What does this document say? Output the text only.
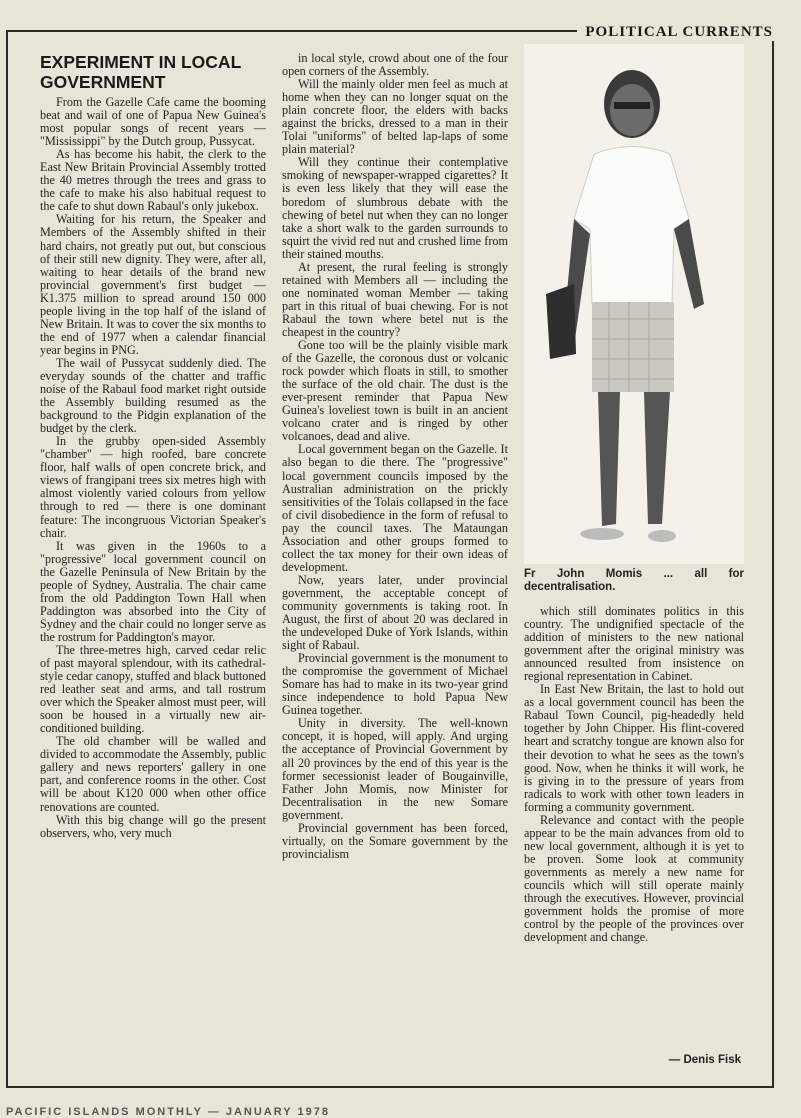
POLITICAL CURRENTS
EXPERIMENT IN LOCAL GOVERNMENT

From the Gazelle Cafe came the booming beat and wail of one of Papua New Guinea's most popular songs of recent years — "Mississippi" by the Dutch group, Pussycat.

As has become his habit, the clerk to the East New Britain Provincial Assembly trotted the 40 metres through the trees and grass to the cafe to make his also habitual request to the cafe to shut down Rabaul's only jukebox.

Waiting for his return, the Speaker and Members of the Assembly shifted in their hard chairs, not greatly put out, but conscious of their still new dignity. They were, after all, waiting to hear details of the brand new provincial government's first budget — K1.375 million to spread around 150 000 people living in the top half of the island of New Britain. It was to cover the six months to the end of 1977 when a calendar financial year begins in PNG.

The wail of Pussycat suddenly died. The everyday sounds of the chatter and traffic noise of the Rabaul food market right outside the Assembly building resumed as the background to the Pidgin explanation of the budget by the clerk.

In the grubby open-sided Assembly "chamber" — high roofed, bare concrete floor, half walls of open concrete brick, and views of frangipani trees six metres high with almost violently varied colours from yellow through to red — there is one dominant feature: The incongruous Victorian Speaker's chair.

It was given in the 1960s to a "progressive" local government council on the Gazelle Peninsula of New Britain by the people of Sydney, Australia. The chair came from the old Paddington Town Hall when Paddington was absorbed into the City of Sydney and the chair could no longer serve as the rostrum for Paddington's mayor.

The three-metres high, carved cedar relic of past mayoral splendour, with its cathedral-style cedar canopy, stuffed and black buttoned red leather seat and arms, and tall rostrum over which the Speaker almost must peer, will soon be housed in a virtually new air-conditioned building.

The old chamber will be walled and divided to accommodate the Assembly, public gallery and news reporters' gallery in one part, and conference rooms in the other. Cost will be about K120 000 when other office renovations are counted.

With this big change will go the present observers, who, very much

in local style, crowd about one of the four open corners of the Assembly.

Will the mainly older men feel as much at home when they can no longer squat on the plain concrete floor, the elders with backs against the bricks, dressed to a man in their Tolai "uniforms" of belted lap-laps of some plain material?

Will they continue their contemplative smoking of newspaper-wrapped cigarettes? It is even less likely that they will ease the boredom of slumbrous debate with the chewing of betel nut when they can no longer take a short walk to the garden surrounds to squirt the vivid red nut and crushed lime from their stained mouths.

At present, the rural feeling is strongly retained with Members all — including the one nominated woman Member — taking part in this ritual of buai chewing. For is not Rabaul the town where betel nut is the cheapest in the country?

Gone too will be the plainly visible mark of the Gazelle, the coronous dust or volcanic rock powder which floats in still, to smother the surface of the old chair. The dust is the ever-present reminder that Papua New Guinea's loveliest town is built in an ancient volcano crater and is ringed by other volcanoes, dead and alive.

Local government began on the Gazelle. It also began to die there. The "progressive" local government councils imposed by the Australian administration on the prickly sensitivities of the Tolais collapsed in the face of civil disobedience in the form of refusal to pay the council taxes. The Mataungan Association and other groups formed to collect the tax money for their own ideas of development.

Now, years later, under provincial government, the acceptable concept of community governments is taking root. In August, the first of about 20 was declared in the undeveloped Duke of York Islands, within sight of Rabaul.

Provincial government is the monument to the compromise the government of Michael Somare has had to make in its two-year grind since independence to hold Papua New Guinea together.

Unity in diversity. The well-known concept, it is hoped, will apply. And urging the acceptance of Provincial Government by all 20 provinces by the end of this year is the former secessionist leader of Bougainville, Father John Momis, now Minister for Decentralisation in the new Somare government.

Provincial government has been forced, virtually, on the Somare government by the provincialism

Fr John Momis ... all for decentralisation.

which still dominates politics in this country. The undignified spectacle of the addition of ministers to the new national government after the original ministry was announced resulted from insistence on regional representation in Cabinet.

In East New Britain, the last to hold out as a local government council has been the Rabaul Town Council, pig-headedly held together by John Chipper. His flint-covered heart and scratchy tongue are known also for their devotion to what he sees as the town's good. Now, when he thinks it will work, he is giving in to the pressure of years from radicals to work with other town leaders in forming a community government.

Relevance and contact with the people appear to be the main advances from old to new local government, although it is yet to be proven. Some look at community governments as merely a new name for councils which will still operate mainly through the executives. However, provincial government holds the promise of more control by the people of the provinces over development and change.

— Denis Fisk
PACIFIC ISLANDS MONTHLY — JANUARY 1978
